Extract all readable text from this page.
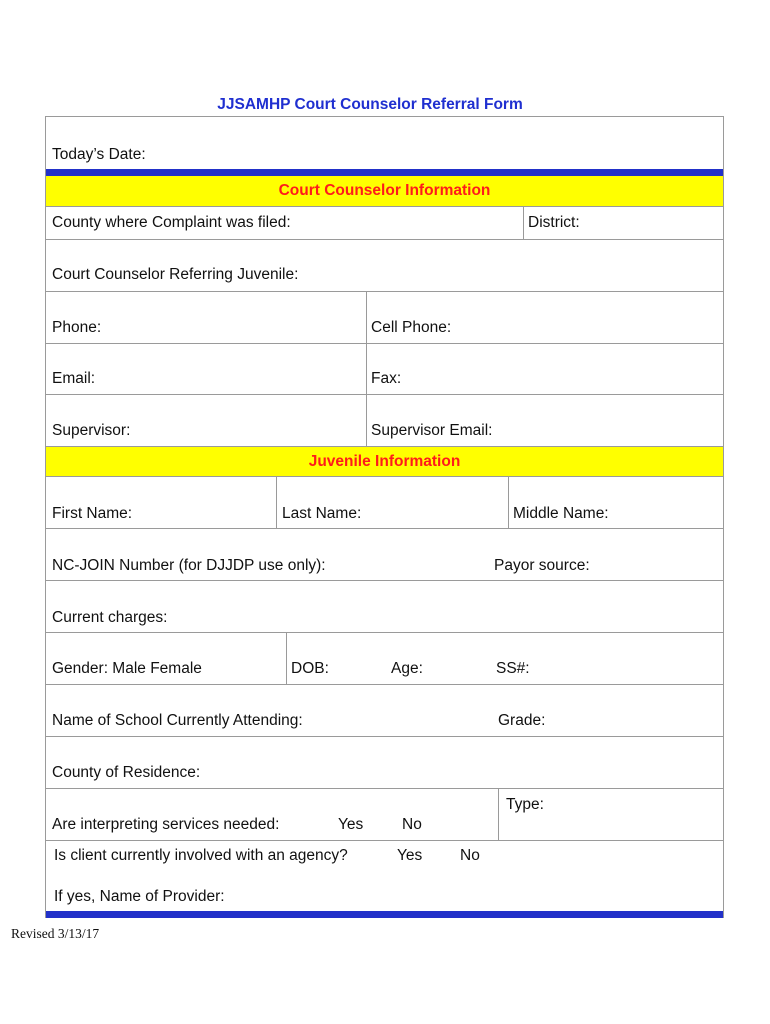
JJSAMHP Court Counselor Referral Form
Today’s Date:
Court Counselor Information
County where Complaint was filed:	District:
Court Counselor Referring Juvenile:
Phone:	Cell Phone:
Email:	Fax:
Supervisor:	Supervisor Email:
Juvenile Information
First Name:	Last Name:	Middle Name:
NC-JOIN Number (for DJJDP use only):	Payor source:
Current charges:
Gender: Male Female	DOB:	Age:	SS#:
Name of School Currently Attending:	Grade:
County of Residence:
Type:
Are interpreting services needed:	Yes No
Is client currently involved with an agency?	Yes No
If yes, Name of Provider:
Revised 3/13/17
